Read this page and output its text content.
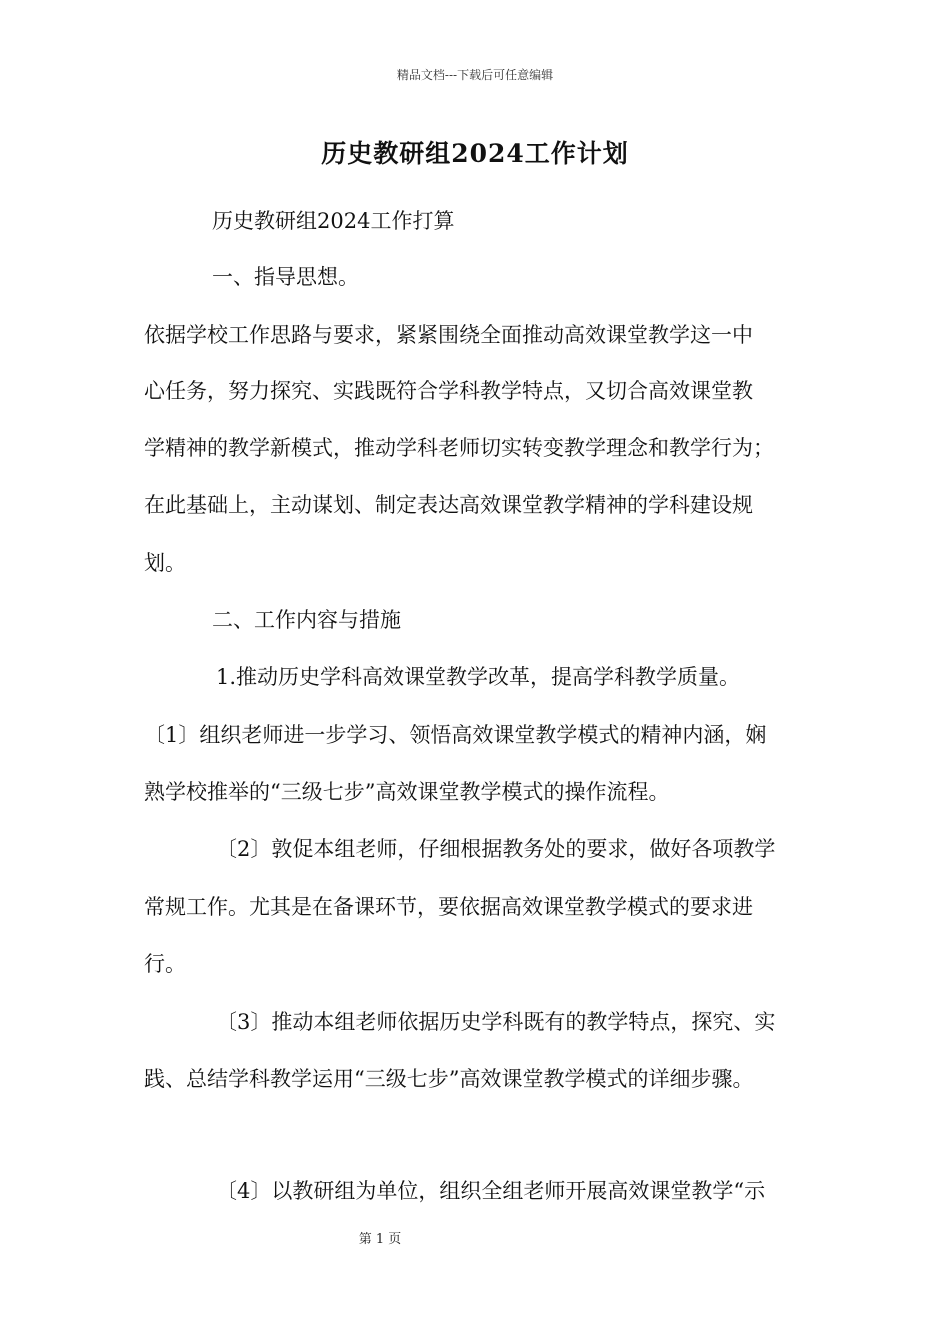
精品文档---下载后可任意编辑
历史教研组2024工作计划
历史教研组2024工作打算
一、指导思想。
依据学校工作思路与要求，紧紧围绕全面推动高效课堂教学这一中
心任务，努力探究、实践既符合学科教学特点，又切合高效课堂教
学精神的教学新模式，推动学科老师切实转变教学理念和教学行为；
在此基础上，主动谋划、制定表达高效课堂教学精神的学科建设规
划。
二、工作内容与措施
1.推动历史学科高效课堂教学改革，提高学科教学质量。
〔1〕组织老师进一步学习、领悟高效课堂教学模式的精神内涵，娴
熟学校推举的“三级七步”高效课堂教学模式的操作流程。
〔2〕敦促本组老师，仔细根据教务处的要求，做好各项教学
常规工作。尤其是在备课环节，要依据高效课堂教学模式的要求进
行。
〔3〕推动本组老师依据历史学科既有的教学特点，探究、实
践、总结学科教学运用“三级七步”高效课堂教学模式的详细步骤。
〔4〕以教研组为单位，组织全组老师开展高效课堂教学“示
第 1 页
